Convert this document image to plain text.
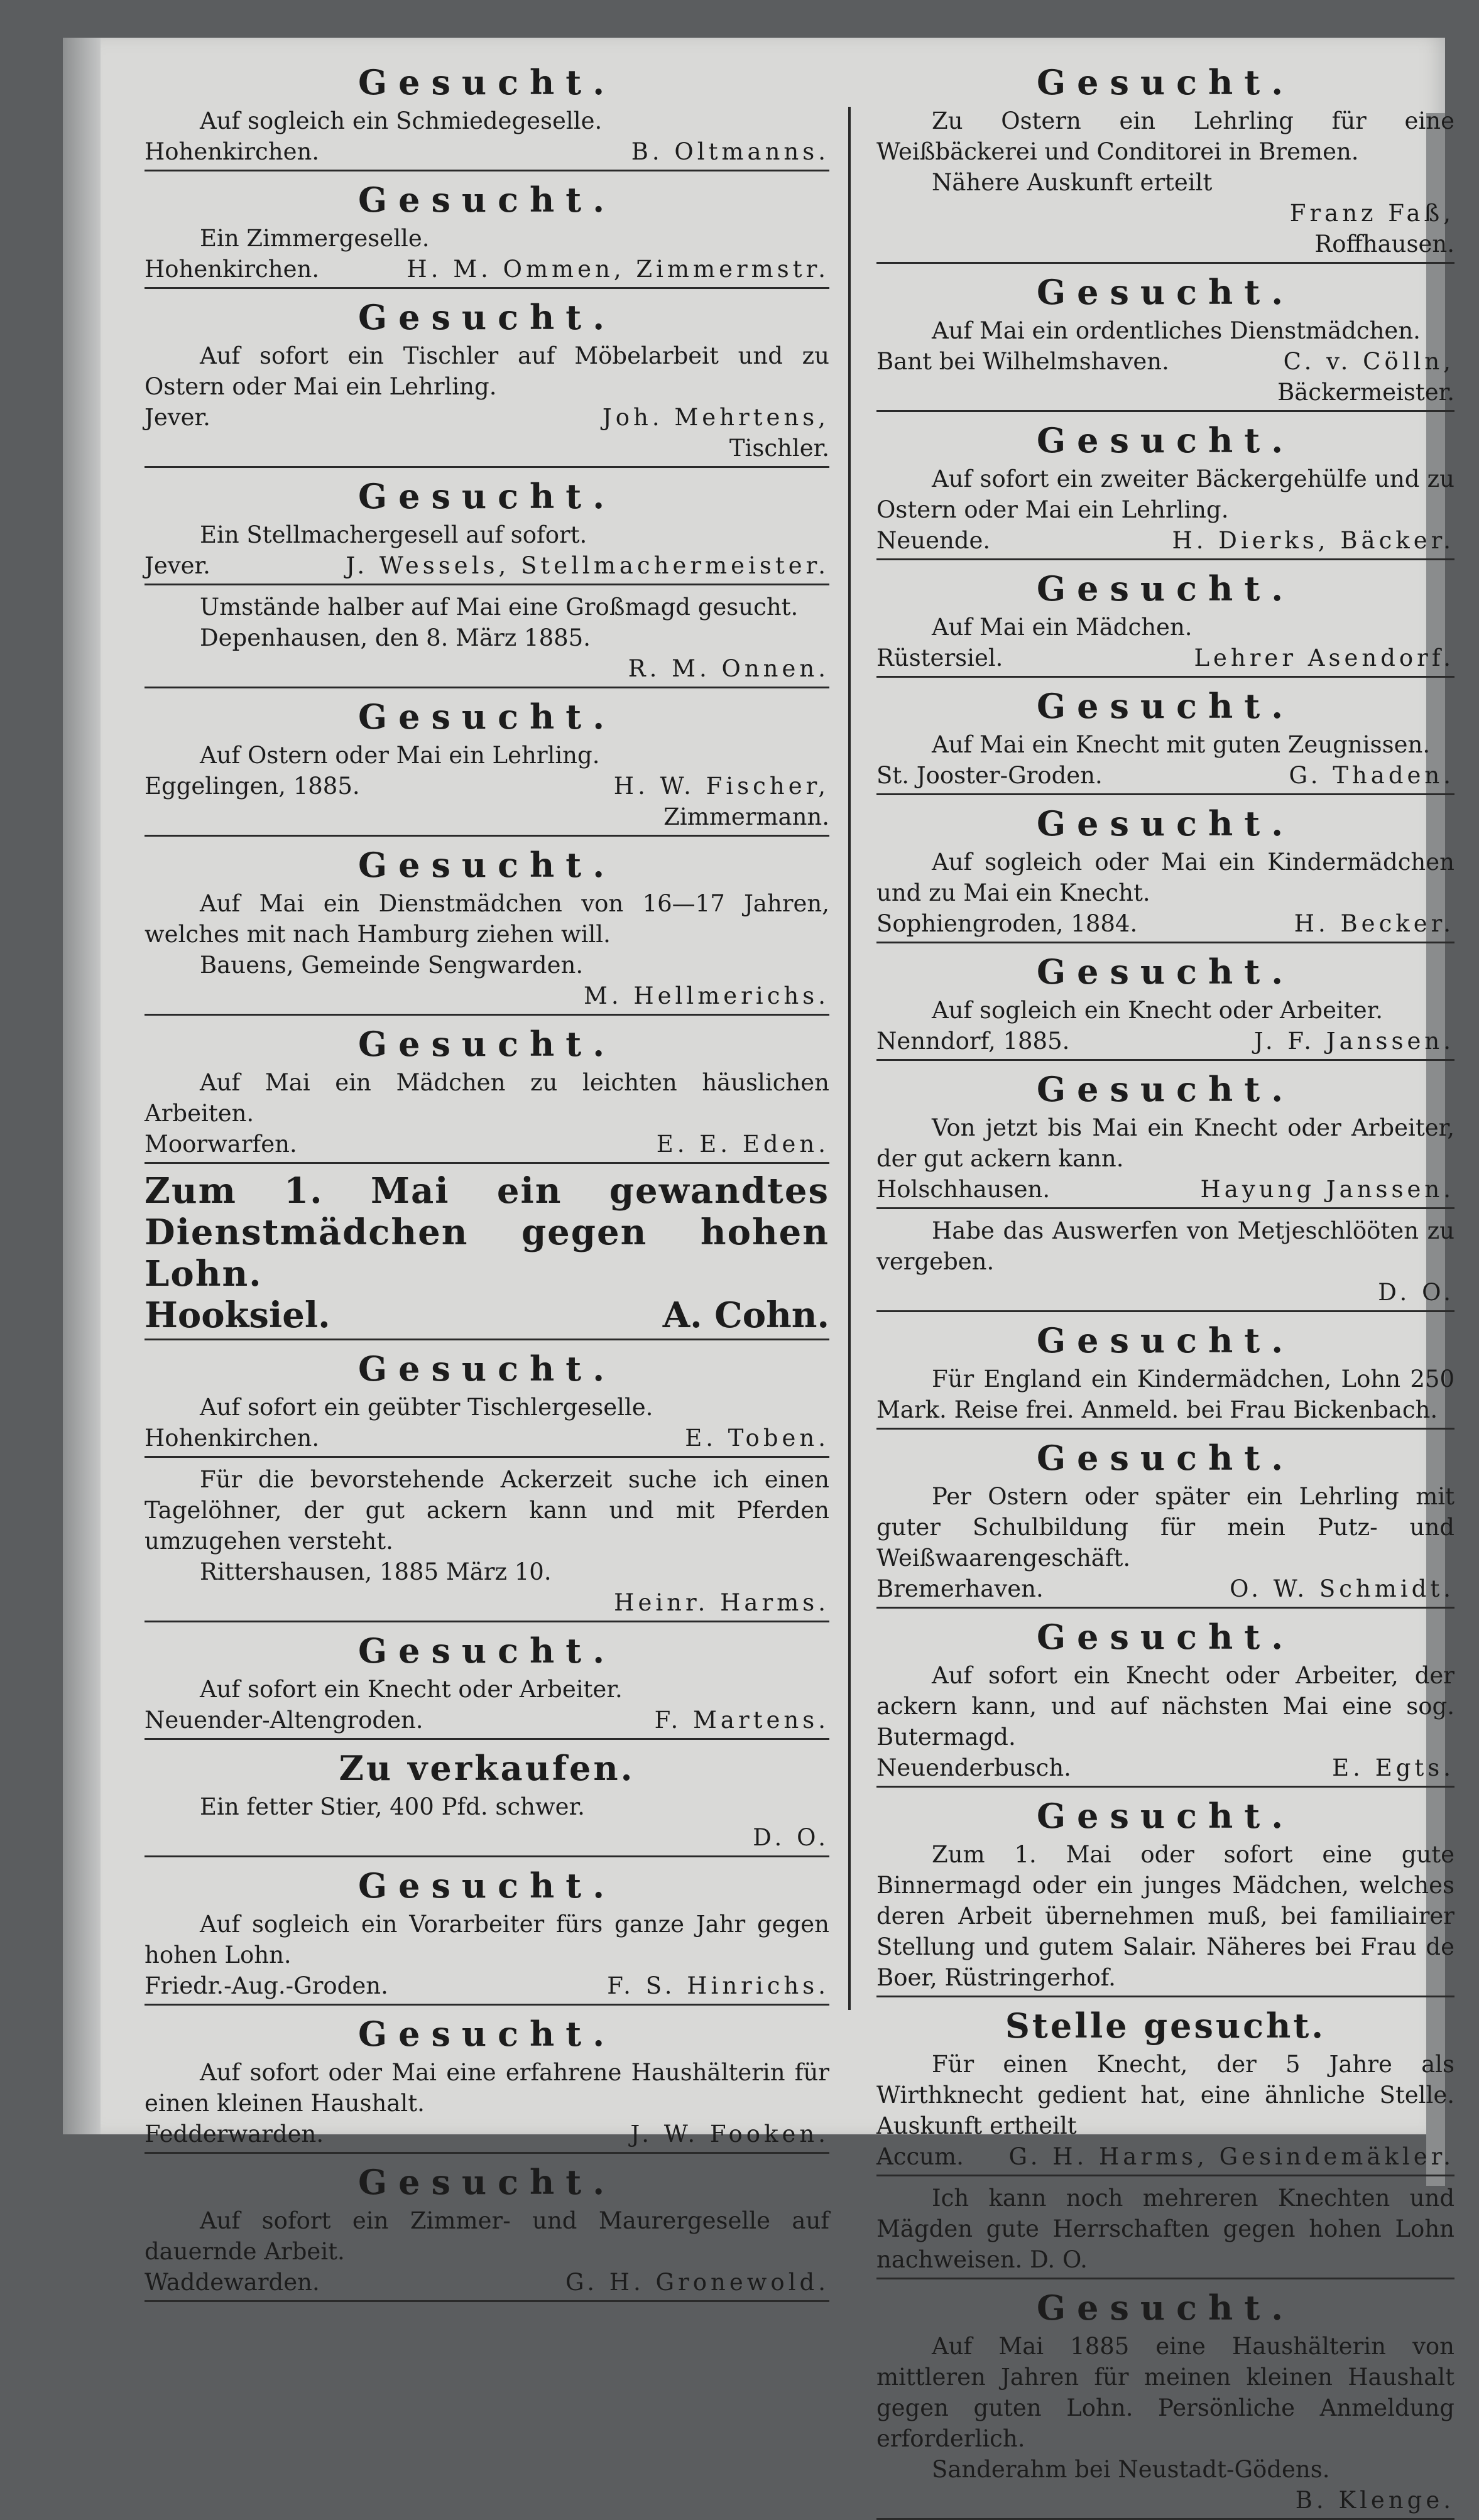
Gesucht.

Auf sogleich ein Schmiedegeselle.

Hohenkirchen.	B. Oltmanns.
Gesucht.

Ein Zimmergeselle.

Hohenkirchen.	H. M. Ommen, Zimmermstr.
Gesucht.

Auf sofort ein Tischler auf Möbelarbeit und zu Ostern oder Mai ein Lehrling.

Jever.	Joh. Mehrtens,
Tischler.
Gesucht.

Ein Stellmachergesell auf sofort.

Jever.	J. Wessels, Stellmachermeister.

Umstände halber auf Mai eine Großmagd gesucht.

Depenhausen, den 8. März 1885.

R. M. Onnen.
Gesucht.

Auf Ostern oder Mai ein Lehrling.

Eggelingen, 1885.	H. W. Fischer,
Zimmermann.
Gesucht.

Auf Mai ein Dienstmädchen von 16—17 Jahren, welches mit nach Hamburg ziehen will.

Bauens, Gemeinde Sengwarden.

M. Hellmerichs.
Gesucht.

Auf Mai ein Mädchen zu leichten häuslichen Arbeiten.

Moorwarfen.	E. E. Eden.

Zum 1. Mai ein gewandtes Dienstmädchen gegen hohen Lohn.

Hooksiel.	A. Cohn.
Gesucht.

Auf sofort ein geübter Tischlergeselle.

Hohenkirchen.	E. Toben.

Für die bevorstehende Ackerzeit suche ich einen Tagelöhner, der gut ackern kann und mit Pferden umzugehen versteht.

Rittershausen, 1885 März 10.

Heinr. Harms.
Gesucht.

Auf sofort ein Knecht oder Arbeiter.

Neuender-Altengroden.	F. Martens.
Zu verkaufen.

Ein fetter Stier, 400 Pfd. schwer.

D. O.
Gesucht.

Auf sogleich ein Vorarbeiter fürs ganze Jahr gegen hohen Lohn.

Friedr.-Aug.-Groden.	F. S. Hinrichs.
Gesucht.

Auf sofort oder Mai eine erfahrene Haushälterin für einen kleinen Haushalt.

Fedderwarden.	J. W. Fooken.
Gesucht.

Auf sofort ein Zimmer- und Maurergeselle auf dauernde Arbeit.

Waddewarden.	G. H. Gronewold.
Gesucht.

Zu Ostern ein Lehrling für eine Weißbäckerei und Conditorei in Bremen.

Nähere Auskunft erteilt

Franz Faß,
Roffhausen.
Gesucht.

Auf Mai ein ordentliches Dienstmädchen.

Bant bei Wilhelmshaven.	C. v. Cölln,
Bäckermeister.
Gesucht.

Auf sofort ein zweiter Bäckergehülfe und zu Ostern oder Mai ein Lehrling.

Neuende.	H. Dierks, Bäcker.
Gesucht.

Auf Mai ein Mädchen.

Rüstersiel.	Lehrer Asendorf.
Gesucht.

Auf Mai ein Knecht mit guten Zeugnissen.

St. Jooster-Groden.	G. Thaden.
Gesucht.

Auf sogleich oder Mai ein Kindermädchen und zu Mai ein Knecht.

Sophiengroden, 1884.	H. Becker.
Gesucht.

Auf sogleich ein Knecht oder Arbeiter.

Nenndorf, 1885.	J. F. Janssen.
Gesucht.

Von jetzt bis Mai ein Knecht oder Arbeiter, der gut ackern kann.

Holschhausen.	Hayung Janssen.

Habe das Auswerfen von Metjeschlööten zu vergeben.

D. O.
Gesucht.

Für England ein Kindermädchen, Lohn 250 Mark. Reise frei. Anmeld. bei Frau Bickenbach.

Gesucht.

Per Ostern oder später ein Lehrling mit guter Schulbildung für mein Putz- und Weißwaarengeschäft.

Bremerhaven.	O. W. Schmidt.
Gesucht.

Auf sofort ein Knecht oder Arbeiter, der ackern kann, und auf nächsten Mai eine sog. Butermagd.

Neuenderbusch.	E. Egts.
Gesucht.

Zum 1. Mai oder sofort eine gute Binnermagd oder ein junges Mädchen, welches deren Arbeit übernehmen muß, bei familiairer Stellung und gutem Salair. Näheres bei Frau de Boer, Rüstringerhof.

Stelle gesucht.

Für einen Knecht, der 5 Jahre als Wirthknecht gedient hat, eine ähnliche Stelle. Auskunft ertheilt

Accum. G. H. Harms, Gesindemäkler.

Ich kann noch mehreren Knechten und Mägden gute Herrschaften gegen hohen Lohn nachweisen. D. O.

Gesucht.

Auf Mai 1885 eine Haushälterin von mittleren Jahren für meinen kleinen Haushalt gegen guten Lohn. Persönliche Anmeldung erforderlich.

Sanderahm bei Neustadt-Gödens.

B. Klenge.
